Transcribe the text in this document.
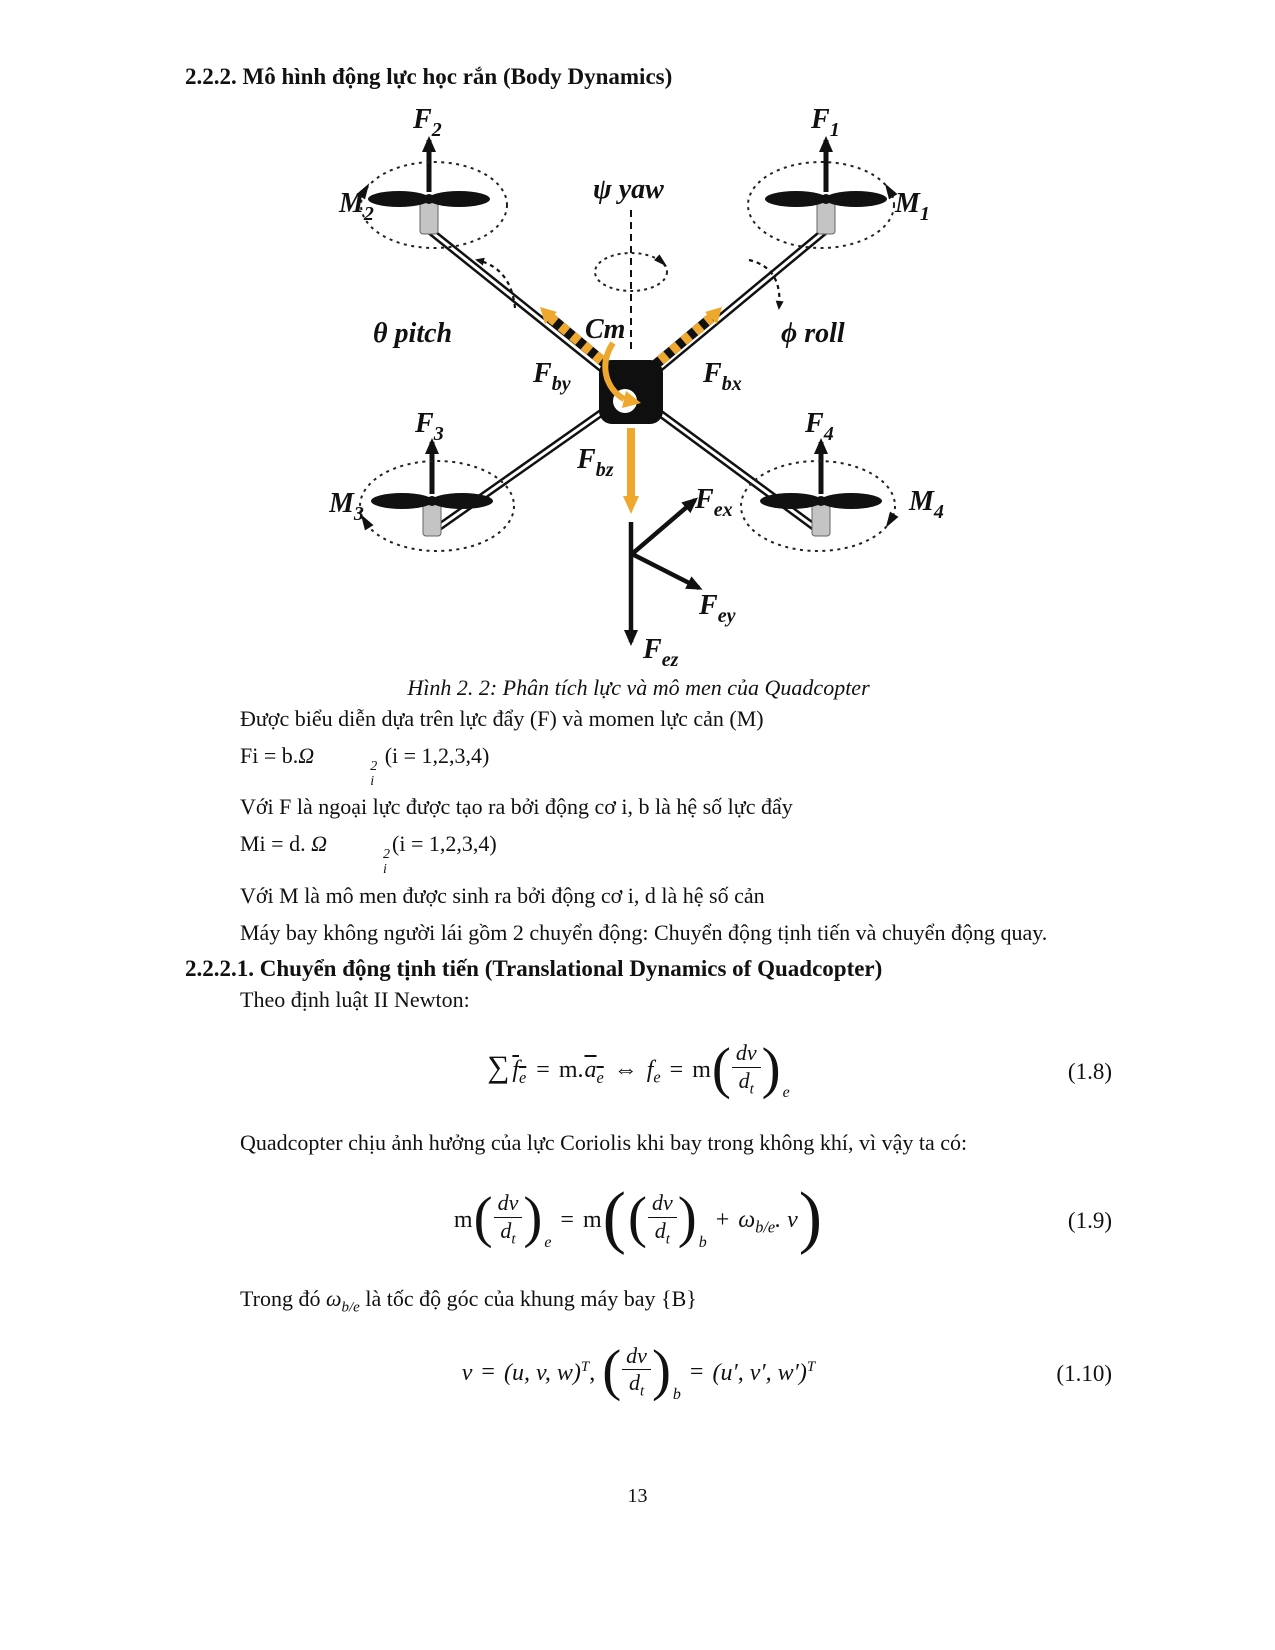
2.2.2. Mô hình động lực học rắn (Body Dynamics)
$F_2$	$F_1$
$M_2$	$M_1$
ψ yaw
θ pitch	ϕ roll
Cm
$F_{by}$	$F_{bx}$
$F_3$	$F_4$
$M_3$	$M_4$
$F_{bz}$
$F_{ex}$
$F_{ey}$
$F_{ez}$
Hình 2. 2: Phân tích lực và mô men của Quadcopter

Được biểu diễn dựa trên lực đẩy (F) và momen lực cản (M)

Fi = b.Ω	2
i
(i = 1,2,3,4)

Với F là ngoại lực được tạo ra bởi động cơ i, b là hệ số lực đẩy

Mi = d. Ω	2
i
(i = 1,2,3,4)

Với M là mô men được sinh ra bởi động cơ i, d là hệ số cản

Máy bay không người lái gồm 2 chuyển động: Chuyển động tịnh tiến và chuyển động quay.

2.2.2.1. Chuyển động tịnh tiến (Translational Dynamics of Quadcopter)

Theo định luật II Newton:

∑ $f_e = m.a_e$ ⇔ $f_e = m( \frac{dv}{d_t}$ ) $_e$
(1.8)

Quadcopter chịu ảnh hưởng của lực Coriolis khi bay trong không khí, vì vậy ta có:

$m( \frac{dv}{d_t}$ ) $_e= m(( \frac{dv}{d_t}$ ) $_b+ \omega_{b/e}$. v)	(1.9)

Trong đó $\omega_{b/e}$ là tốc độ góc của khung máy bay {B}

v = (u, v, w)$^T$, ( $\frac{dv}{d_t}$ ) $_b$= (u′, v′, w′)$^T$	(1.10)
13
